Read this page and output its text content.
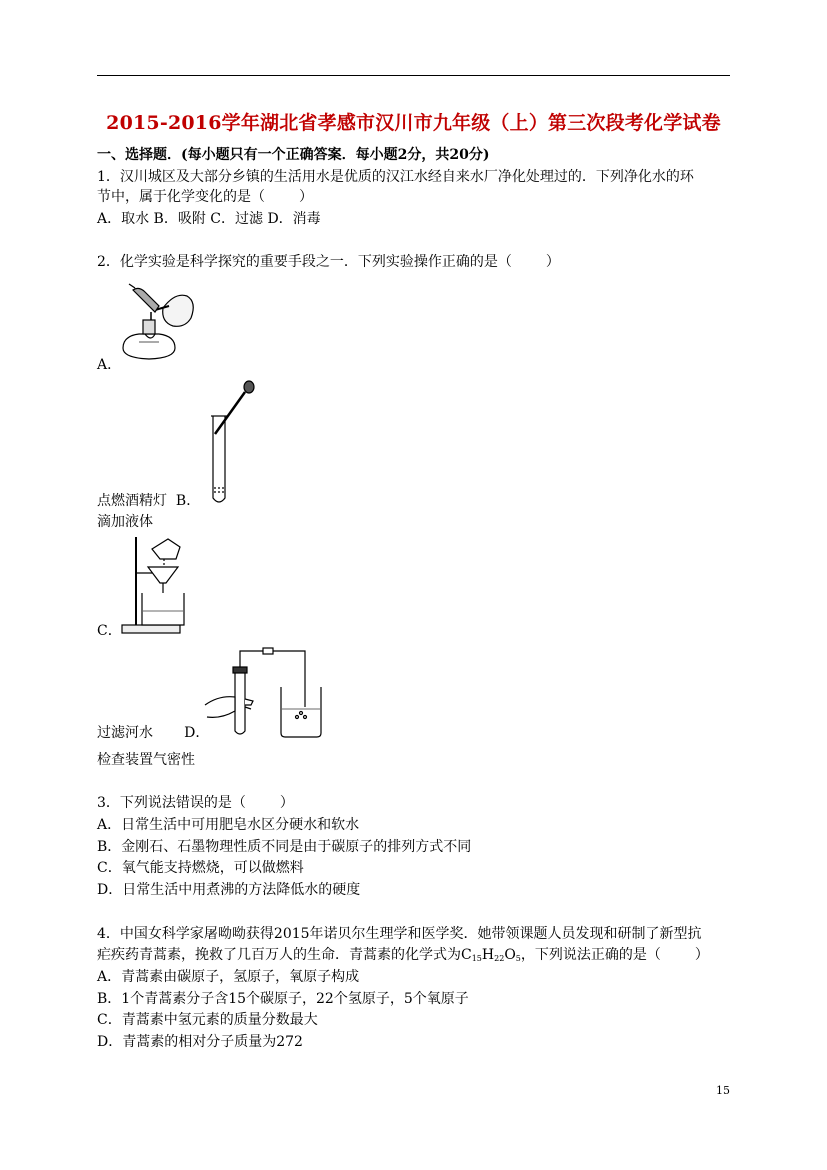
2015-2016学年湖北省孝感市汉川市九年级（上）第三次段考化学试卷
一、选择题．(每小题只有一个正确答案．每小题2分，共20分)
1．汉川城区及大部分乡镇的生活用水是优质的汉江水经自来水厂净化处理过的．下列净化水的环
节中，属于化学变化的是（ ）
A．取水 B．吸附 C．过滤 D．消毒
2．化学实验是科学探究的重要手段之一．下列实验操作正确的是（ ）
A．
点燃酒精灯 B．
滴加液体
C．
过滤河水 D．
检查装置气密性
3．下列说法错误的是（ ）
A．日常生活中可用肥皂水区分硬水和软水
B．金刚石、石墨物理性质不同是由于碳原子的排列方式不同
C．氧气能支持燃烧，可以做燃料
D．日常生活中用煮沸的方法降低水的硬度
4．中国女科学家屠呦呦获得2015年诺贝尔生理学和医学奖．她带领课题人员发现和研制了新型抗
疟疾药青蒿素，挽救了几百万人的生命．青蒿素的化学式为$C_{15}H_{22}O_5$，下列说法正确的是（ ）
A．青蒿素由碳原子，氢原子，氧原子构成
B．1个青蒿素分子含15个碳原子，22个氢原子，5个氧原子
C．青蒿素中氢元素的质量分数最大
D．青蒿素的相对分子质量为272
15
